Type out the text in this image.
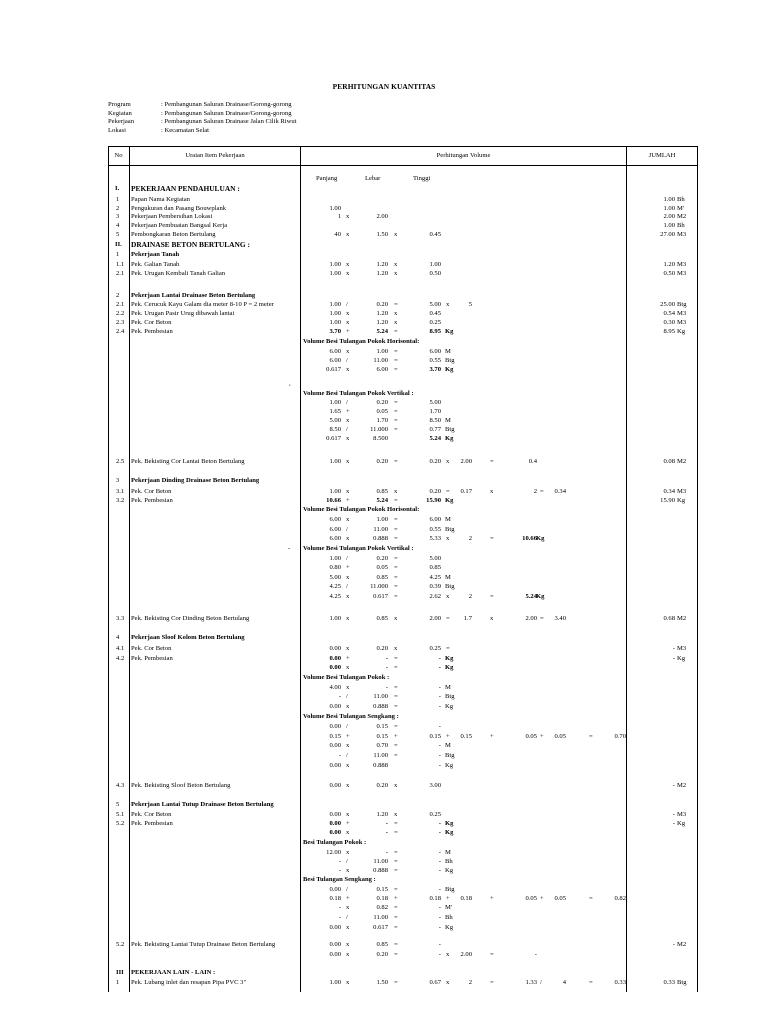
PERHITUNGAN KUANTITAS
Program	: Pembangunan Saluran Drainase/Gorong-gorong
Kegiatan	: Pembangunan Saluran Drainase/Gorong-gorong
Pekerjaan	: Pembangunan Saluran Drainase Jalan Cilik Riwut
Lokasi	: Kecamatan Selat
No	Uraian Item Pekerjaan	Perhitungan Volume	JUMLAH
Panjang	Lebar	Tinggi
I. PEKERJAAN PENDAHULUAN :
1 Papan Nama Kegiatan	1.00 Bh
2 Pengukuran dan Pasang Bouwplank	1.00	1.00 M'
3 Pekerjaan Pembersihan Lokasi	1 x	2.00	2.00 M2
4 Pekerjaan Pembuatan Bangsal Kerja	1.00 Bh
5 Pembongkaran Beton Bertulang	40 x	1.50 x	0.45	27.00 M3
II. DRAINASE BETON BERTULANG :
1 Pekerjaan Tanah
1.1 Pek. Galian Tanah	1.00 x	1.20 x	1.00	1.20 M3
2.1 Pek. Urugan Kembali Tanah Galian	1.00 x	1.20 x	0.50	0.50 M3
2 Pekerjaan Lantai Drainase Beton Bertulang
2.1 Pek. Cerucuk Kayu Galam dia meter 8-10 P = 2 meter	1.00 /	0.20 =	5.00 x	5	25.00 Btg
2.2 Pek. Urugan Pasir Urug dibawah lantai	1.00 x	1.20 x	0.45	0.54 M3
2.3 Pek. Cor Beton	1.00 x	1.20 x	0.25	0.30 M3
2.4 Pek. Pembesian	3.70 +	5.24 =	8.95 Kg	8.95 Kg
Volume Besi Tulangan Pokok Horisontal:
6.00 x	1.00 =	6.00 M
6.00 /	11.00 =	0.55 Btg
0.617 x	6.00 =	3.70 Kg
Volume Besi Tulangan Pokok Vertikal :
1.00 /	0.20 =	5.00
1.65 +	0.05 =	1.70
5.00 x	1.70 =	8.50 M
8.50 /	11.000 =	0.77 Btg
0.617 x	8.500	5.24 Kg
2.5 Pek. Bekisting Cor Lantai Beton Bertulang	1.00 x	0.20 =	0.20 x	2.00	=	0.4	0.08 M2
3 Pekerjaan Dinding Drainase Beton Bertulang
3.1 Pek. Cor Beton	1.00 x	0.85 x	0.20 =	0.17	x	2 =	0.34	0.34 M3
3.2 Pek. Pembesian	10.66 +	5.24 =	15.90 Kg	15.90 Kg
Volume Besi Tulangan Pokok Horisontal:
6.00 x	1.00 =	6.00 M
6.00 /	11.00 =	0.55 Btg
6.00 x	0.888 =	5.33 x	2	=	10.66 Kg
Volume Besi Tulangan Pokok Vertikal :
1.00 /	0.20 =	5.00
0.80 +	0.05 =	0.85
5.00 x	0.85 =	4.25 M
4.25 /	11.000 =	0.39 Btg
4.25 x	0.617 =	2.62 x	2	=	5.24 Kg
3.3 Pek. Bekisting Cor Dinding Beton Bertulang	1.00 x	0.85 x	2.00 =	1.7	x	2.00 =	3.40	0.68 M2
4 Pekerjaan Sloof Kolom Beton Bertulang
4.1 Pek. Cor Beton	0.00 x	0.20 x	0.25 =	- M3
4.2 Pek. Pembesian	0.00 +	- =	- Kg	- Kg
0.00 x	- =	- Kg
Volume Besi Tulangan Pokok :
4.00 x	- =	- M
- /	11.00 =	- Btg
0.00 x	0.888 =	- Kg
Volume Besi Tulangan Sengkang :
0.00 /	0.15 =	-
0.15 +	0.15 +	0.15 +	0.15	+	0.05 +	0.05	=	0.70
0.00 x	0.70 =	- M
- /	11.00 =	- Btg
0.00 x	0.888	- Kg
4.3 Pek. Bekisting Sloof Beton Bertulang	0.00 x	0.20 x	3.00	- M2
5 Pekerjaan Lantai Tutup Drainase Beton Bertulang
5.1 Pek. Cor Beton	0.00 x	1.20 x	0.25	- M3
5.2 Pek. Pembesian	0.00 +	- =	- Kg	- Kg
0.00 x	- =	- Kg
Besi Tulangan Pokok :
12.00 x	- =	- M
- /	11.00 =	- Bh
- x	0.888 =	- Kg
Besi Tulangan Sengkang :
0.00 /	0.15 =	- Btg
0.18 +	0.18 +	0.18 +	0.18	+	0.05 +	0.05	=	0.82
- x	0.82 =	- M'
- /	11.00 =	- Bh
0.00 x	0.617 =	- Kg
5.2 Pek. Bekisting Lantai Tutup Drainase Beton Bertulang	0.00 x	0.85 =	-	- M2
0.00 x	0.20 =	- x	2.00	=	-
III PEKERJAAN LAIN - LAIN :
1 Pek. Lubang inlet dan resapan Pipa PVC 3"	1.00 x	1.50 =	0.67 x	2	=	1.33 /	4	=	0.33	0.33 Btg
,
-
